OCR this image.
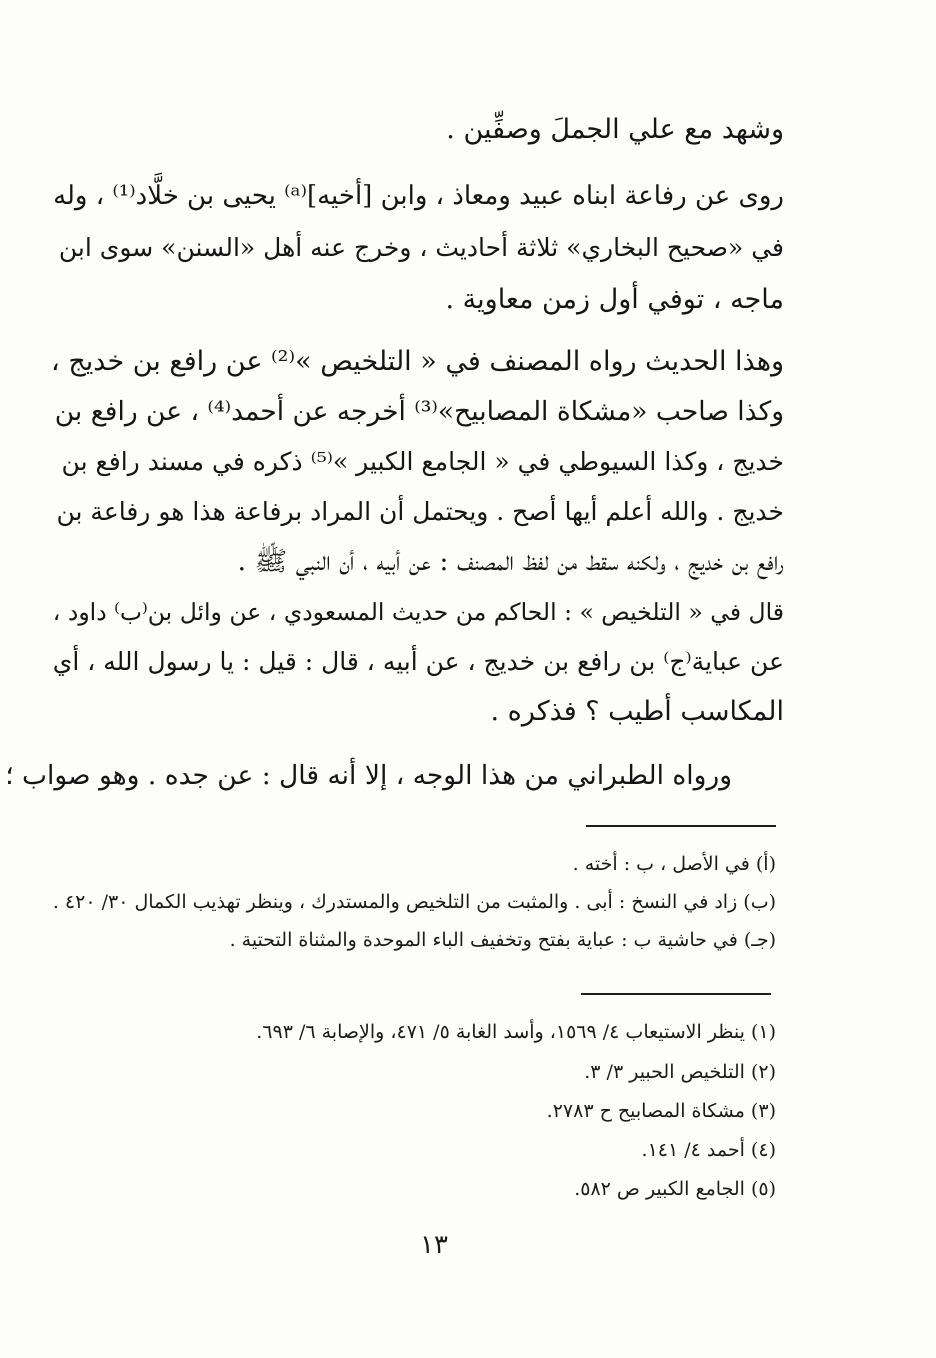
وشهد مع علي الجملَ وصفِّين .
روى عن رفاعة ابناه عبيد ومعاذ ، وابن [أخيه]⁽ᵃ⁾ يحيى بن خلَّاد⁽¹⁾ ، وله
في «صحيح البخاري» ثلاثة أحاديث ، وخرج عنه أهل «السنن» سوى ابن
ماجه ، توفي أول زمن معاوية .
وهذا الحديث رواه المصنف في « التلخيص »⁽²⁾ عن رافع بن خديج ،
وكذا صاحب «مشكاة المصابيح»⁽³⁾ أخرجه عن أحمد⁽⁴⁾ ، عن رافع بن
خديج ، وكذا السيوطي في « الجامع الكبير »⁽⁵⁾ ذكره في مسند رافع بن
خديج . والله أعلم أيها أصح . ويحتمل أن المراد برفاعة هذا هو رفاعة بن
رافع بن خديج ، ولكنه سقط من لفظ المصنف : عن أبيه ، أن النبي ﷺ .
قال في « التلخيص » : الحاكم من حديث المسعودي ، عن وائل بن⁽ب⁾ داود ،
عن عباية⁽ج⁾ بن رافع بن خديج ، عن أبيه ، قال : قيل : يا رسول الله ، أي
المكاسب أطيب ؟ فذكره .
ورواه الطبراني من هذا الوجه ، إلا أنه قال : عن جده . وهو صواب ؛
(أ) في الأصل ، ب : أخته .
(ب) زاد في النسخ : أبى . والمثبت من التلخيص والمستدرك ، وينظر تهذيب الكمال ٣٠/ ٤٢٠ .
(جـ) في حاشية ب : عباية بفتح وتخفيف الباء الموحدة والمثناة التحتية .
(١) ينظر الاستيعاب ٤/ ١٥٦٩، وأسد الغابة ٥/ ٤٧١، والإصابة ٦/ ٦٩٣.
(٢) التلخيص الحبير ٣/ ٣.
(٣) مشكاة المصابيح ح ٢٧٨٣.
(٤) أحمد ٤/ ١٤١.
(٥) الجامع الكبير ص ٥٨٢.
١٣
